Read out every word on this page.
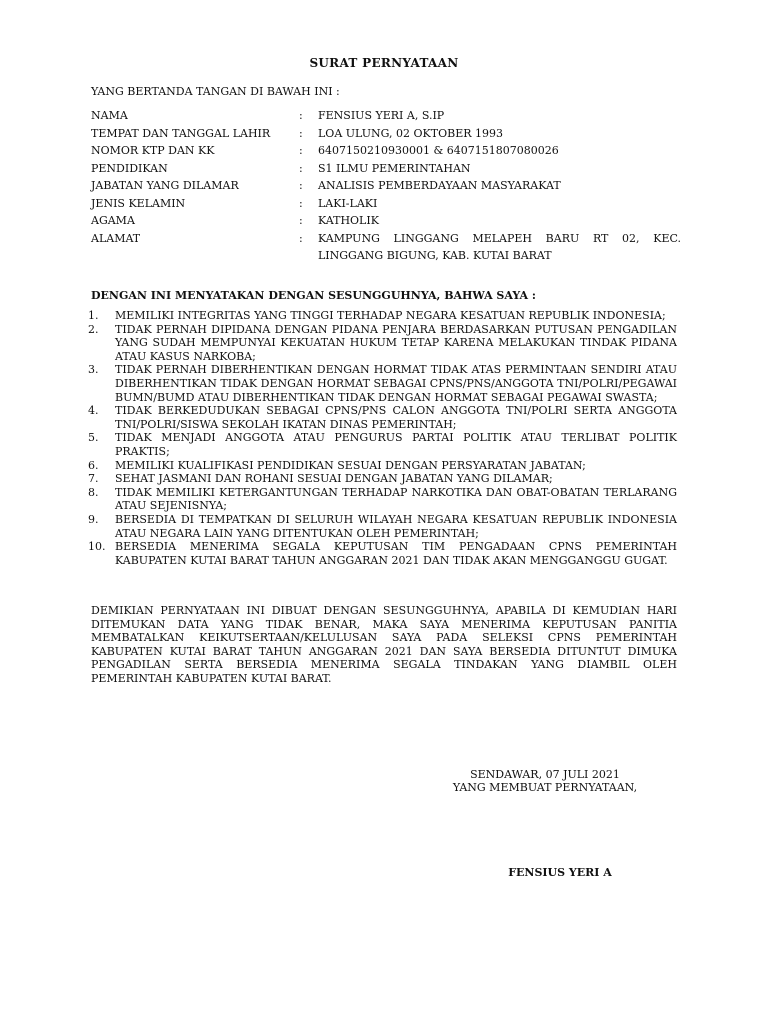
SURAT PERNYATAAN
YANG BERTANDA TANGAN DI BAWAH INI :
NAMA	:	FENSIUS YERI A, S.IP
TEMPAT DAN TANGGAL LAHIR	:	LOA ULUNG, 02 OKTOBER 1993
NOMOR KTP DAN KK	:	6407150210930001 & 6407151807080026
PENDIDIKAN	:	S1 ILMU PEMERINTAHAN
JABATAN YANG DILAMAR	:	ANALISIS PEMBERDAYAAN MASYARAKAT
JENIS KELAMIN	:	LAKI-LAKI
AGAMA	:	KATHOLIK
ALAMAT	:	KAMPUNG LINGGANG MELAPEH BARU RT 02, KEC. LINGGANG BIGUNG, KAB. KUTAI BARAT
DENGAN INI MENYATAKAN DENGAN SESUNGGUHNYA, BAHWA SAYA :
1. MEMILIKI INTEGRITAS YANG TINGGI TERHADAP NEGARA KESATUAN REPUBLIK INDONESIA;
2. TIDAK PERNAH DIPIDANA DENGAN PIDANA PENJARA BERDASARKAN PUTUSAN PENGADILAN YANG SUDAH MEMPUNYAI KEKUATAN HUKUM TETAP KARENA MELAKUKAN TINDAK PIDANA ATAU KASUS NARKOBA;
3. TIDAK PERNAH DIBERHENTIKAN DENGAN HORMAT TIDAK ATAS PERMINTAAN SENDIRI ATAU DIBERHENTIKAN TIDAK DENGAN HORMAT SEBAGAI CPNS/PNS/ANGGOTA TNI/POLRI/PEGAWAI BUMN/BUMD ATAU DIBERHENTIKAN TIDAK DENGAN HORMAT SEBAGAI PEGAWAI SWASTA;
4. TIDAK BERKEDUDUKAN SEBAGAI CPNS/PNS CALON ANGGOTA TNI/POLRI SERTA ANGGOTA TNI/POLRI/SISWA SEKOLAH IKATAN DINAS PEMERINTAH;
5. TIDAK MENJADI ANGGOTA ATAU PENGURUS PARTAI POLITIK ATAU TERLIBAT POLITIK PRAKTIS;
6. MEMILIKI KUALIFIKASI PENDIDIKAN SESUAI DENGAN PERSYARATAN JABATAN;
7. SEHAT JASMANI DAN ROHANI SESUAI DENGAN JABATAN YANG DILAMAR;
8. TIDAK MEMILIKI KETERGANTUNGAN TERHADAP NARKOTIKA DAN OBAT-OBATAN TERLARANG ATAU SEJENISNYA;
9. BERSEDIA DI TEMPATKAN DI SELURUH WILAYAH NEGARA KESATUAN REPUBLIK INDONESIA ATAU NEGARA LAIN YANG DITENTUKAN OLEH PEMERINTAH;
10. BERSEDIA MENERIMA SEGALA KEPUTUSAN TIM PENGADAAN CPNS PEMERINTAH KABUPATEN KUTAI BARAT TAHUN ANGGARAN 2021 DAN TIDAK AKAN MENGGANGGU GUGAT.
DEMIKIAN PERNYATAAN INI DIBUAT DENGAN SESUNGGUHNYA, APABILA DI KEMUDIAN HARI DITEMUKAN DATA YANG TIDAK BENAR, MAKA SAYA MENERIMA KEPUTUSAN PANITIA MEMBATALKAN KEIKUTSERTAAN/KELULUSAN SAYA PADA SELEKSI CPNS PEMERINTAH KABUPATEN KUTAI BARAT TAHUN ANGGARAN 2021 DAN SAYA BERSEDIA DITUNTUT DIMUKA PENGADILAN SERTA BERSEDIA MENERIMA SEGALA TINDAKAN YANG DIAMBIL OLEH PEMERINTAH KABUPATEN KUTAI BARAT.
SENDAWAR, 07 JULI 2021
YANG MEMBUAT PERNYATAAN,
FENSIUS YERI A
